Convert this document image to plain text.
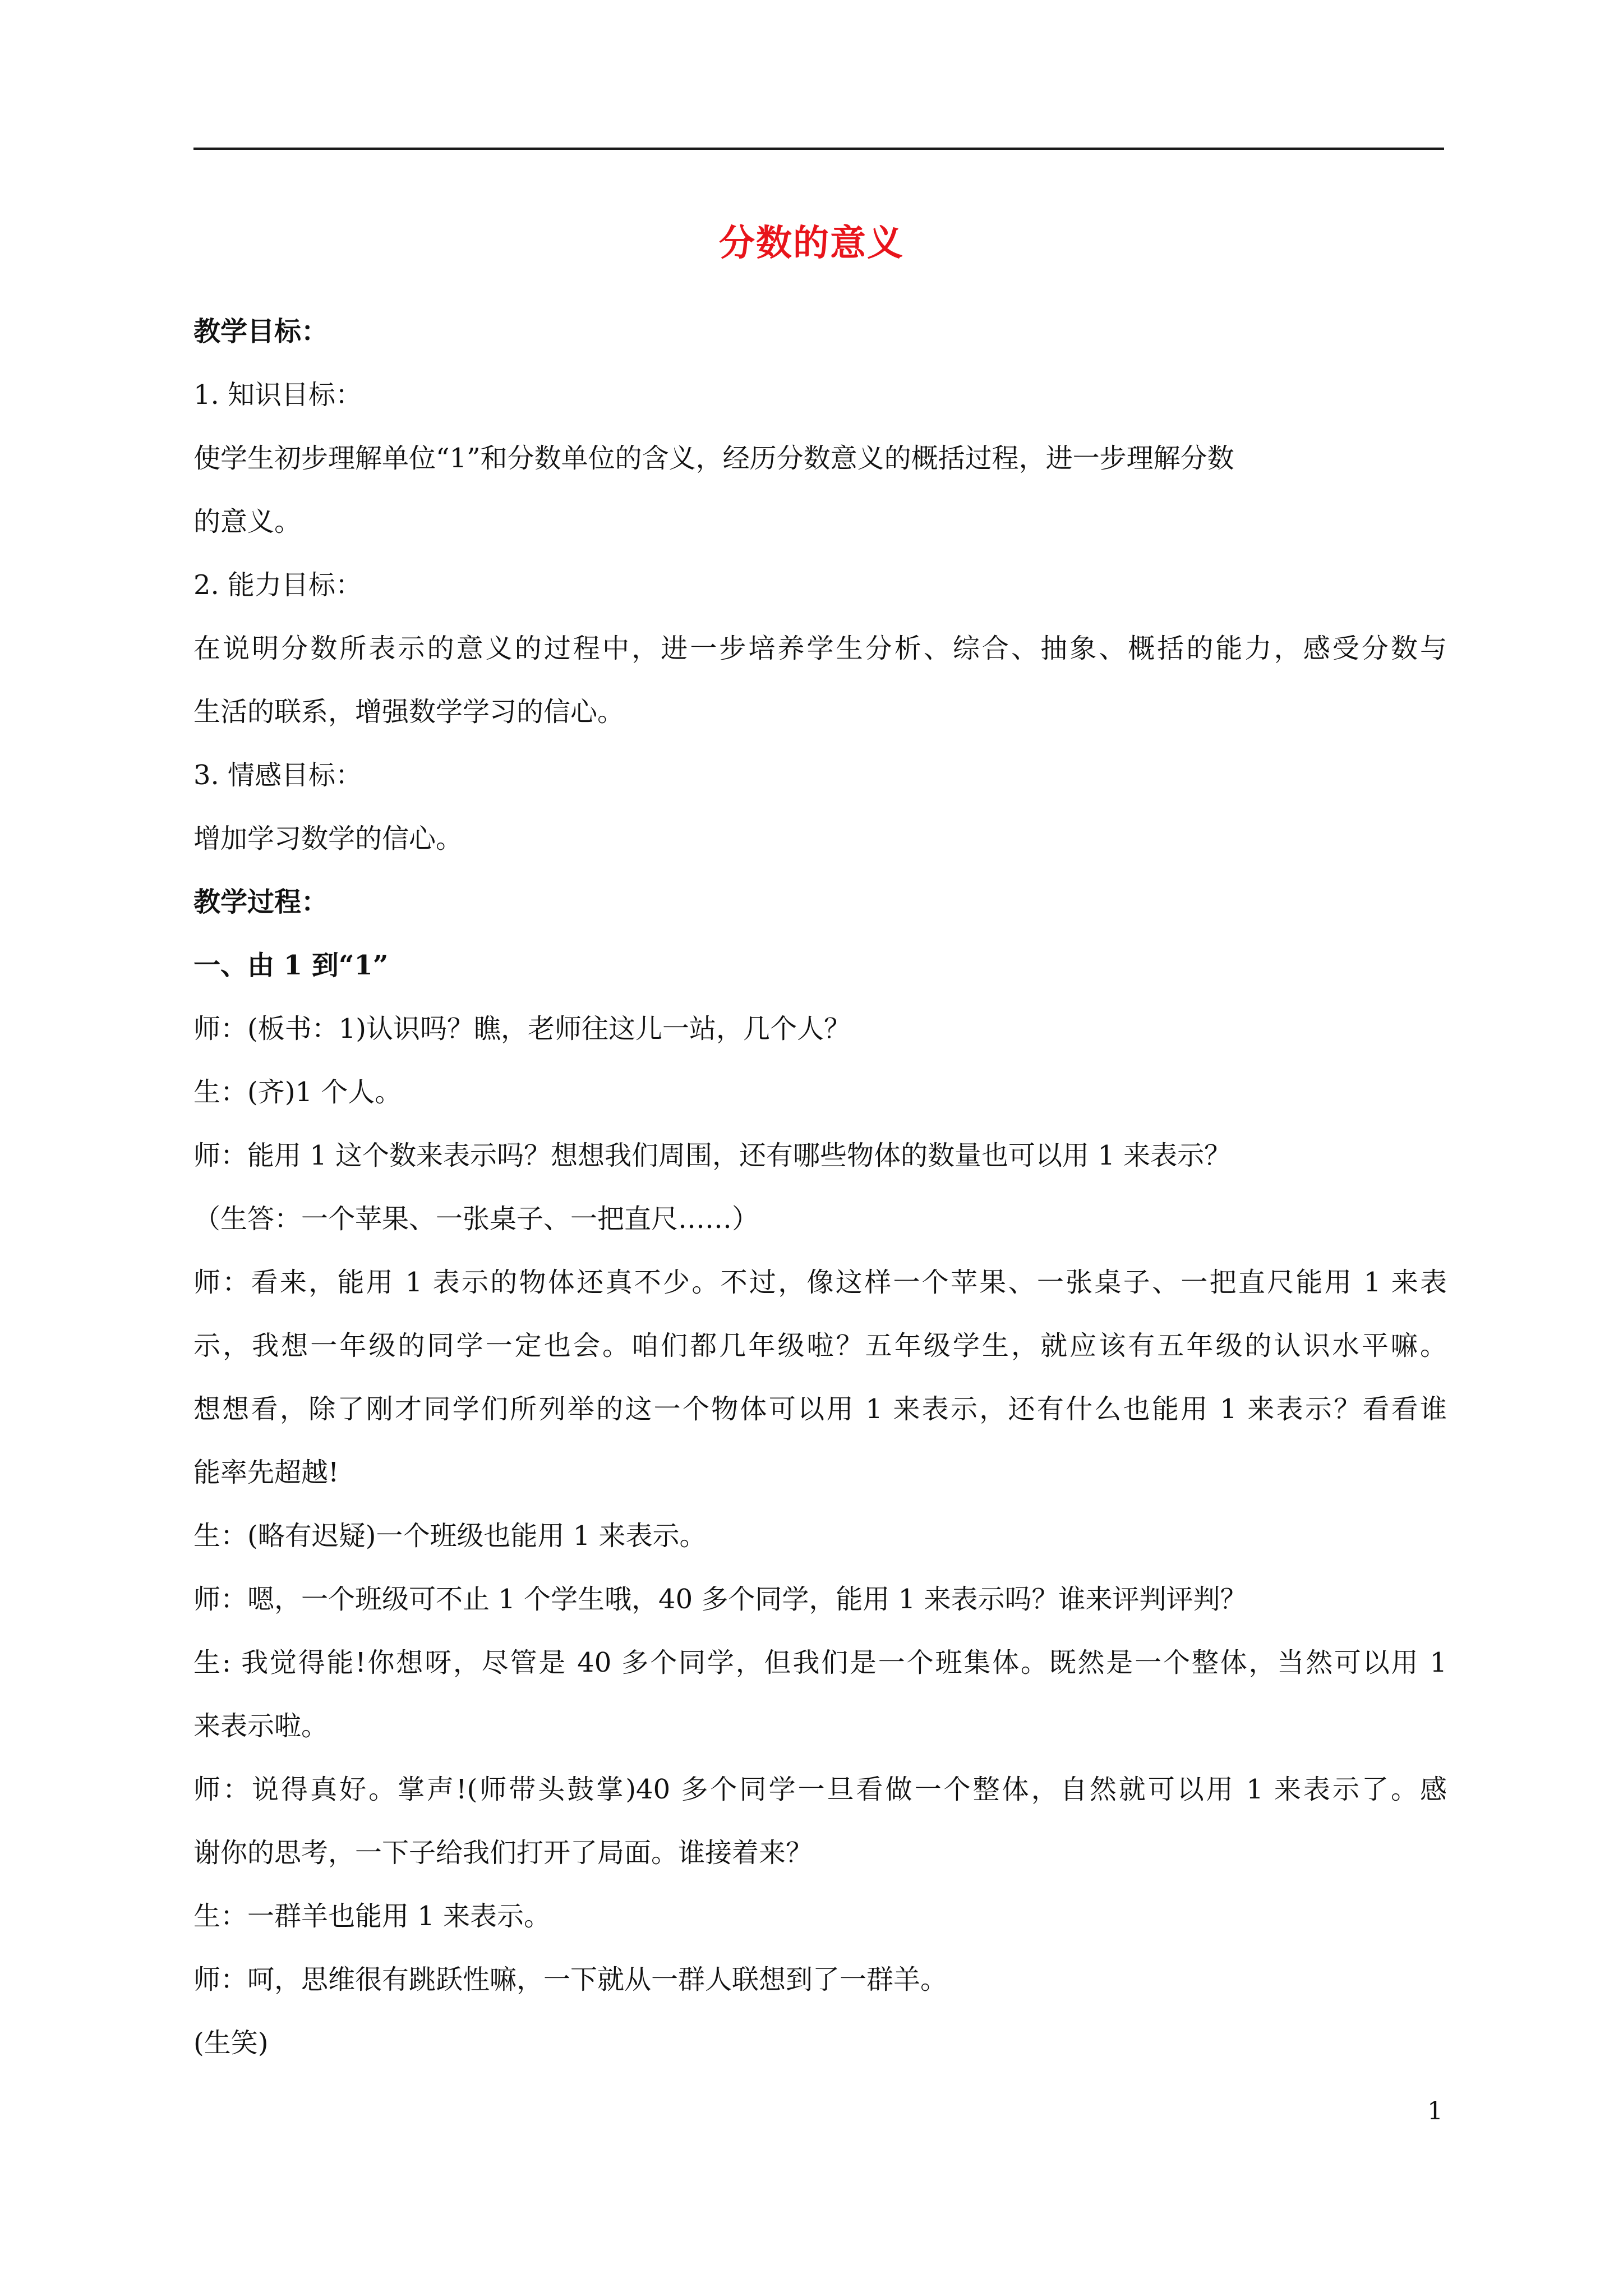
分数的意义
教学目标：
1. 知识目标：
使学生初步理解单位“1”和分数单位的含义，经历分数意义的概括过程，进一步理解分数
的意义。
2. 能力目标：
在说明分数所表示的意义的过程中，进一步培养学生分析、综合、抽象、概括的能力，感受分数与
生活的联系，增强数学学习的信心。
3. 情感目标：
增加学习数学的信心。
教学过程：
一、由 1 到“1”
师：(板书：1)认识吗？瞧，老师往这儿一站，几个人？
生：(齐)1 个人。
师：能用 1 这个数来表示吗？想想我们周围，还有哪些物体的数量也可以用 1 来表示？
（生答：一个苹果、一张桌子、一把直尺……）
师：看来，能用 1 表示的物体还真不少。不过，像这样一个苹果、一张桌子、一把直尺能用 1 来表
示，我想一年级的同学一定也会。咱们都几年级啦？五年级学生，就应该有五年级的认识水平嘛。
想想看，除了刚才同学们所列举的这一个物体可以用 1 来表示，还有什么也能用 1 来表示？看看谁
能率先超越!
生：(略有迟疑)一个班级也能用 1 来表示。
师：嗯，一个班级可不止 1 个学生哦，40 多个同学，能用 1 来表示吗？谁来评判评判？
生: 我觉得能!你想呀，尽管是 40 多个同学，但我们是一个班集体。既然是一个整体，当然可以用 1
来表示啦。
师：说得真好。掌声!(师带头鼓掌)40 多个同学一旦看做一个整体，自然就可以用 1 来表示了。感
谢你的思考，一下子给我们打开了局面。谁接着来？
生：一群羊也能用 1 来表示。
师：呵，思维很有跳跃性嘛，一下就从一群人联想到了一群羊。
(生笑)
1
